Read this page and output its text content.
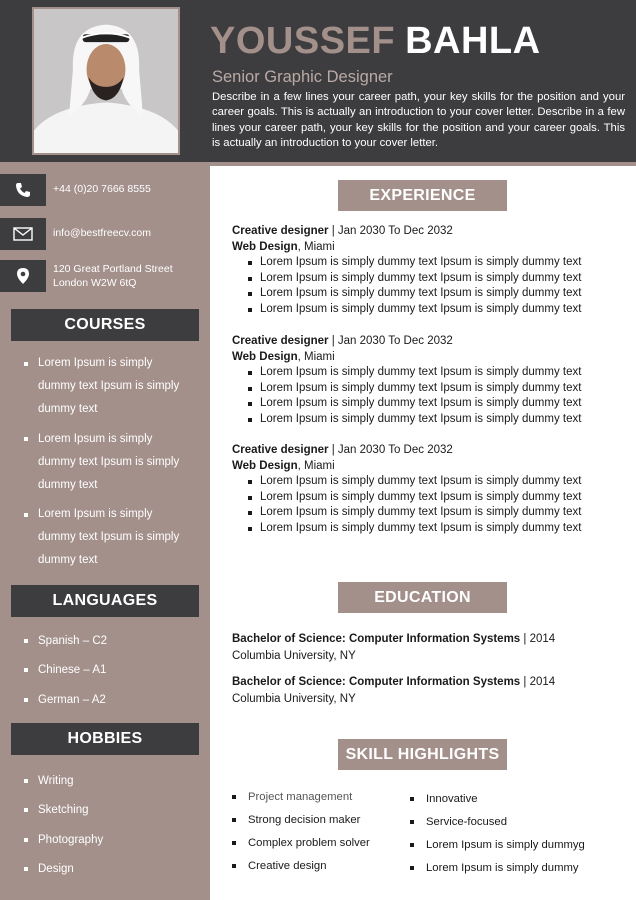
YOUSSEF BAHLA
Senior Graphic Designer

Describe in a few lines your career path, your key skills for the position and your career goals. This is actually an introduction to your cover letter. Describe in a few lines your career path, your key skills for the position and your career goals. This is actually an introduction to your cover letter.

+44 (0)20 7666 8555
info@bestfreecv.com
120 Great Portland Street
London W2W 6tQ
COURSES
Lorem Ipsum is simply
dummy text Ipsum is simply
dummy text
Lorem Ipsum is simply
dummy text Ipsum is simply
dummy text
Lorem Ipsum is simply
dummy text Ipsum is simply
dummy text
LANGUAGES
Spanish – C2
Chinese – A1
German – A2
HOBBIES
Writing
Sketching
Photography
Design
EXPERIENCE
Creative designer | Jan 2030 To Dec 2032
Web Design, Miami
Lorem Ipsum is simply dummy text Ipsum is simply dummy text
Lorem Ipsum is simply dummy text Ipsum is simply dummy text
Lorem Ipsum is simply dummy text Ipsum is simply dummy text
Lorem Ipsum is simply dummy text Ipsum is simply dummy text
Creative designer | Jan 2030 To Dec 2032
Web Design, Miami
Lorem Ipsum is simply dummy text Ipsum is simply dummy text
Lorem Ipsum is simply dummy text Ipsum is simply dummy text
Lorem Ipsum is simply dummy text Ipsum is simply dummy text
Lorem Ipsum is simply dummy text Ipsum is simply dummy text
Creative designer | Jan 2030 To Dec 2032
Web Design, Miami
Lorem Ipsum is simply dummy text Ipsum is simply dummy text
Lorem Ipsum is simply dummy text Ipsum is simply dummy text
Lorem Ipsum is simply dummy text Ipsum is simply dummy text
Lorem Ipsum is simply dummy text Ipsum is simply dummy text
EDUCATION
Bachelor of Science: Computer Information Systems | 2014
Columbia University, NY
Bachelor of Science: Computer Information Systems | 2014
Columbia University, NY
SKILL HIGHLIGHTS
Project management
Strong decision maker
Complex problem solver
Creative design
Innovative
Service-focused
Lorem Ipsum is simply dummyg
Lorem Ipsum is simply dummy
